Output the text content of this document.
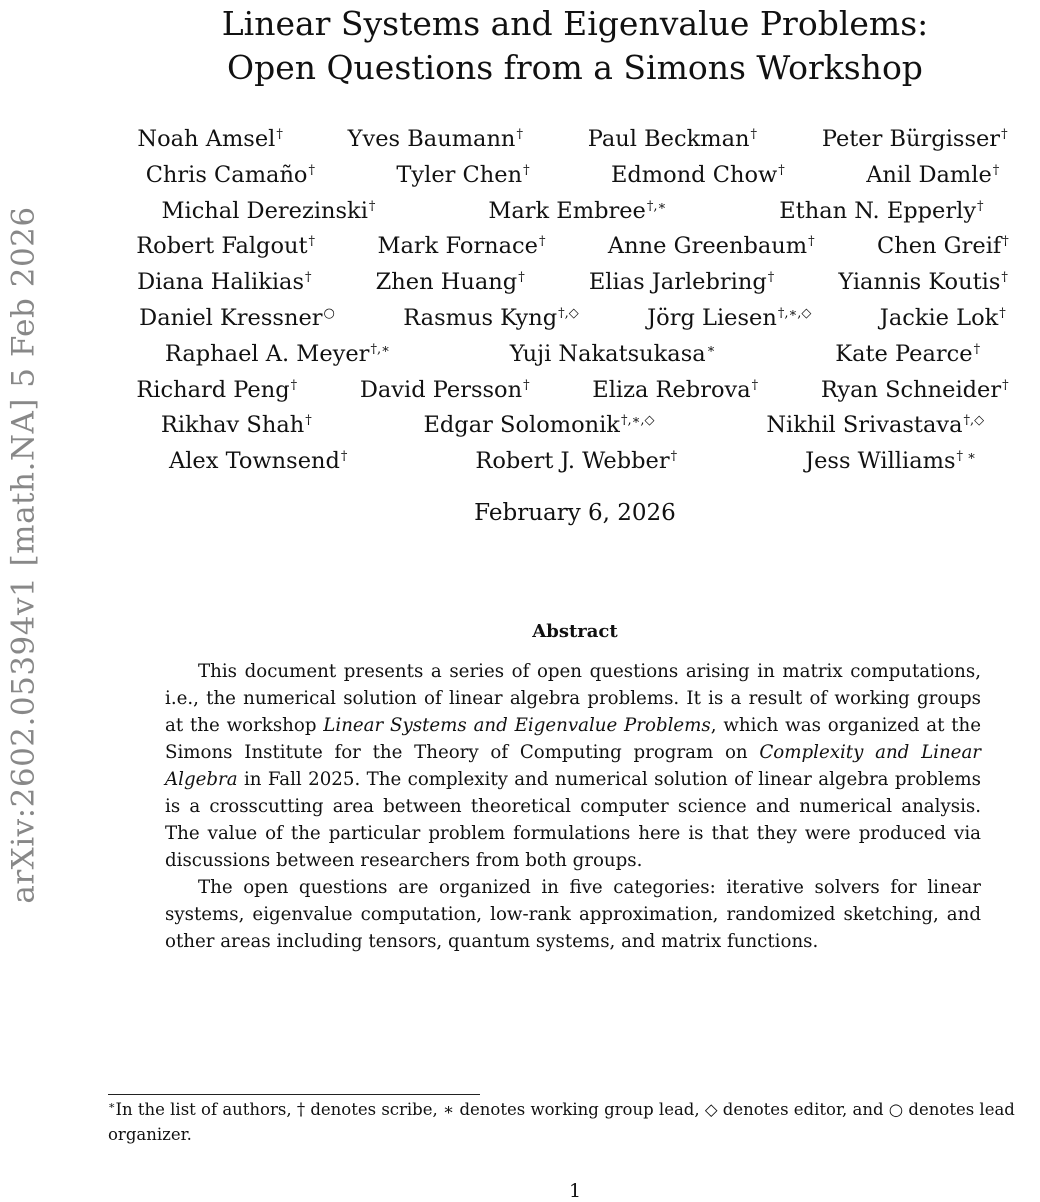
arXiv:2602.05394v1 [math.NA] 5 Feb 2026
Linear Systems and Eigenvalue Problems:
Open Questions from a Simons Workshop
Noah Amsel†	Yves Baumann†	Paul Beckman†	Peter Bürgisser†
Chris Camaño†	Tyler Chen†	Edmond Chow†	Anil Damle†
Michal Derezinski†	Mark Embree†,∗	Ethan N. Epperly†
Robert Falgout†	Mark Fornace†	Anne Greenbaum†	Chen Greif†
Diana Halikias†	Zhen Huang†	Elias Jarlebring†	Yiannis Koutis†
Daniel Kressner○	Rasmus Kyng†,◇	Jörg Liesen†,∗,◇	Jackie Lok†
Raphael A. Meyer†,∗	Yuji Nakatsukasa∗	Kate Pearce†
Richard Peng†	David Persson†	Eliza Rebrova†	Ryan Schneider†
Rikhav Shah†	Edgar Solomonik†,∗,◇	Nikhil Srivastava†,◇
Alex Townsend†	Robert J. Webber†	Jess Williams† ∗
February 6, 2026
Abstract

This document presents a series of open questions arising in matrix computations, i.e., the numerical solution of linear algebra problems. It is a result of working groups at the workshop Linear Systems and Eigenvalue Problems, which was organized at the Simons Institute for the Theory of Computing program on Complexity and Linear Algebra in Fall 2025. The complexity and numerical solution of linear algebra problems is a crosscutting area between theoretical computer science and numerical analysis. The value of the particular problem formulations here is that they were produced via discussions between researchers from both groups.

The open questions are organized in five categories: iterative solvers for linear systems, eigenvalue computation, low-rank approximation, randomized sketching, and other areas including tensors, quantum systems, and matrix functions.

∗In the list of authors, † denotes scribe, ∗ denotes working group lead, ◇ denotes editor, and ○ denotes lead organizer.
1
